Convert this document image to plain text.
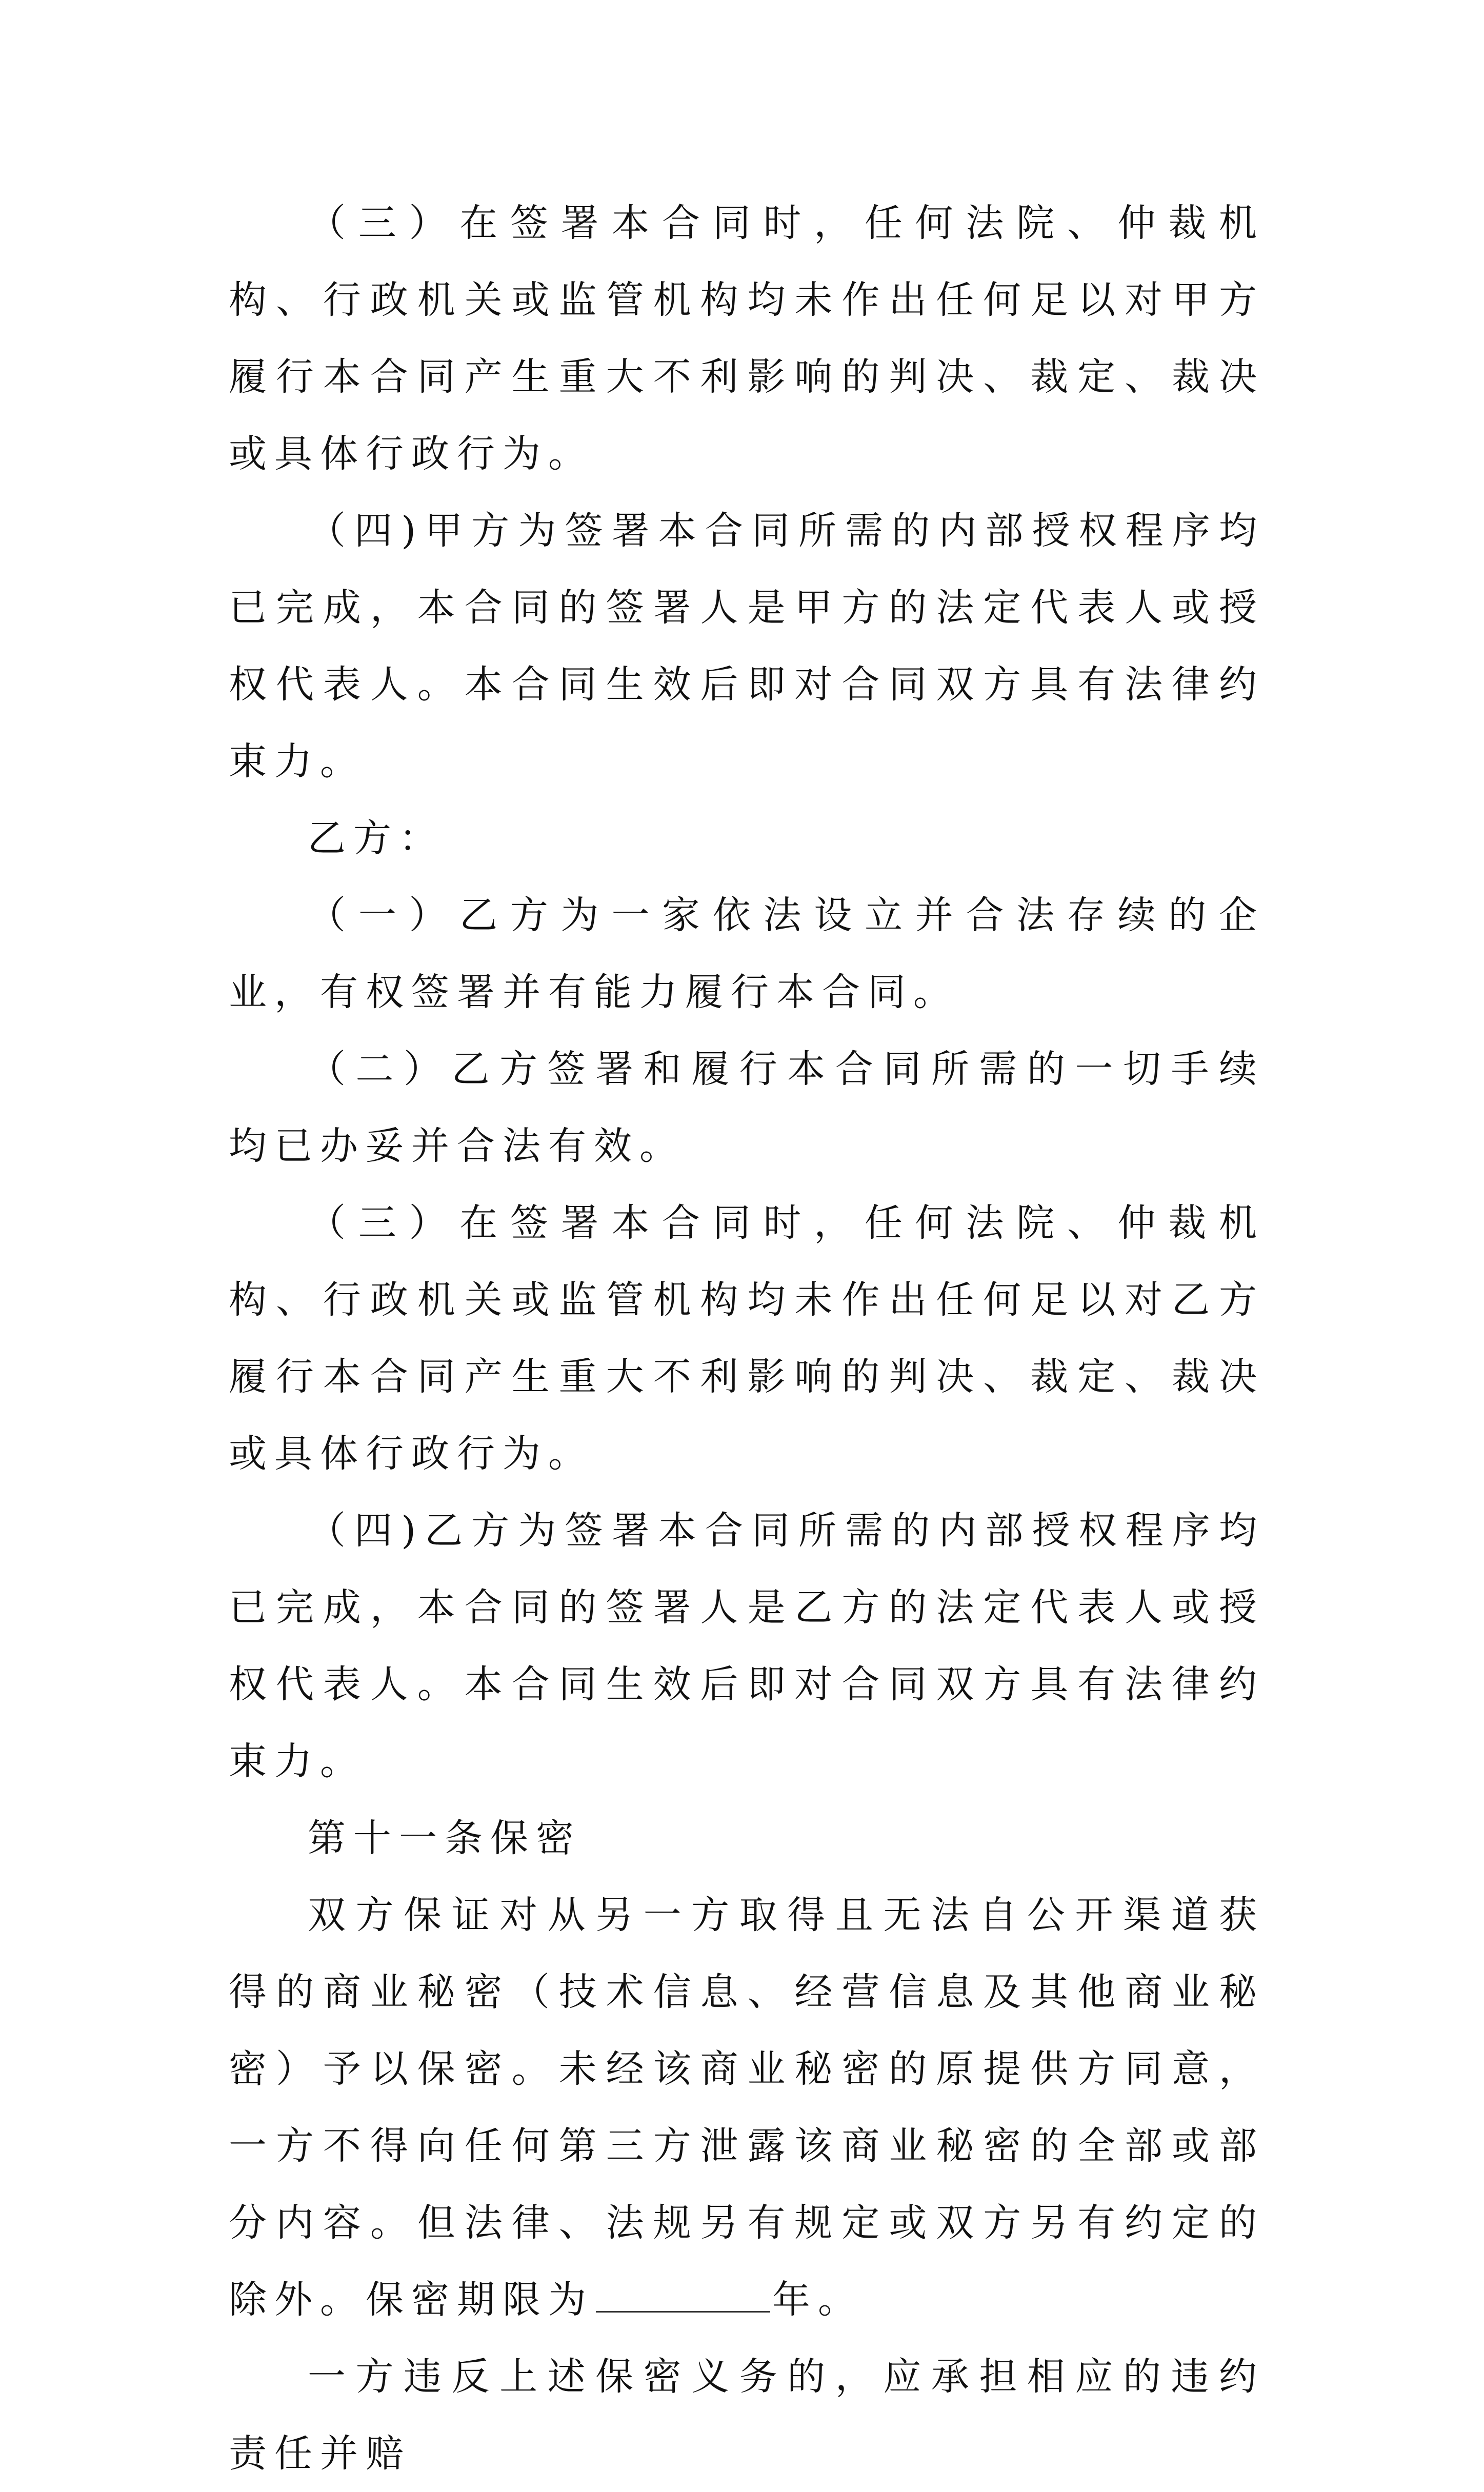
（三）在签署本合同时，任何法院、仲裁机构、行政机关或监管机构均未作出任何足以对甲方履行本合同产生重大不利影响的判决、裁定、裁决或具体行政行为。

（四)甲方为签署本合同所需的内部授权程序均已完成，本合同的签署人是甲方的法定代表人或授权代表人。本合同生效后即对合同双方具有法律约束力。

乙方：

（一）乙方为一家依法设立并合法存续的企业，有权签署并有能力履行本合同。

（二）乙方签署和履行本合同所需的一切手续均已办妥并合法有效。

（三）在签署本合同时，任何法院、仲裁机构、行政机关或监管机构均未作出任何足以对乙方履行本合同产生重大不利影响的判决、裁定、裁决或具体行政行为。

（四)乙方为签署本合同所需的内部授权程序均已完成，本合同的签署人是乙方的法定代表人或授权代表人。本合同生效后即对合同双方具有法律约束力。

第十一条保密

双方保证对从另一方取得且无法自公开渠道获得的商业秘密（技术信息、经营信息及其他商业秘密）予以保密。未经该商业秘密的原提供方同意，一方不得向任何第三方泄露该商业秘密的全部或部分内容。但法律、法规另有规定或双方另有约定的除外。保密期限为	年。

一方违反上述保密义务的，应承担相应的违约责任并赔
